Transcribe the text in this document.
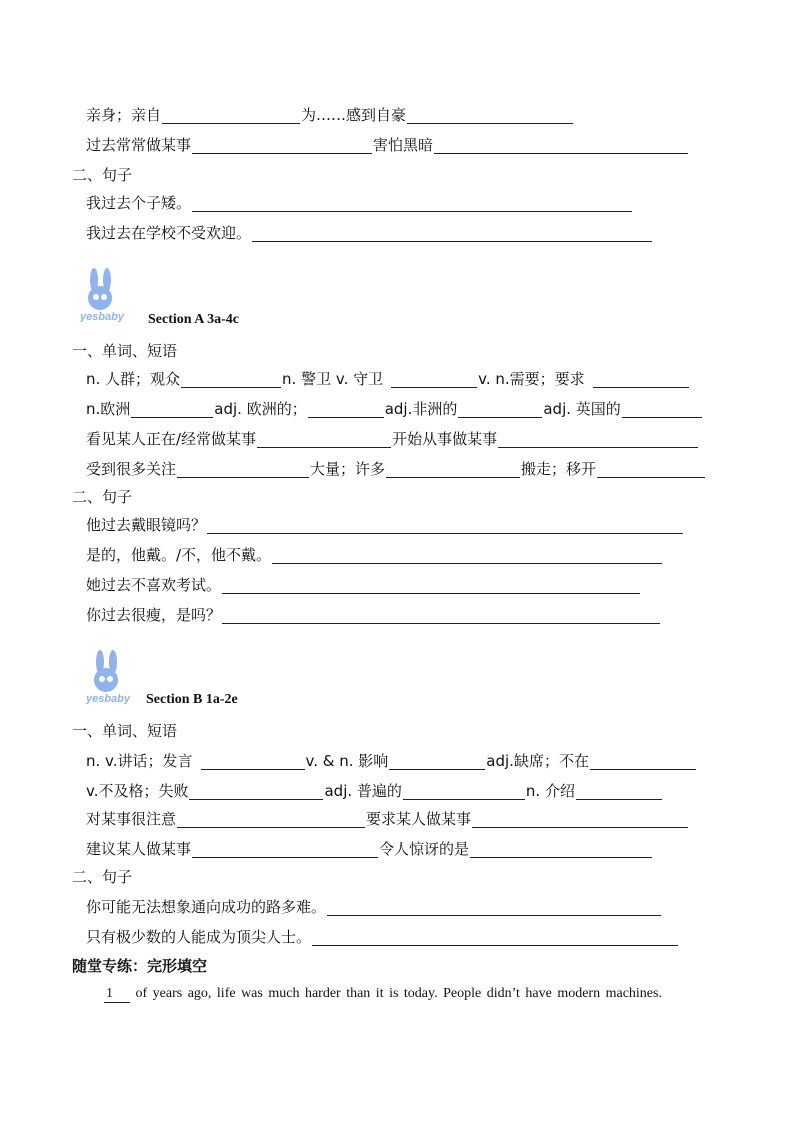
亲身；亲自	为……感到自豪
过去常常做某事	害怕黑暗
二、句子
我过去个子矮。
我过去在学校不受欢迎。
yesbaby Section A 3a-4c
一、单词、短语
n. 人群；观众	n. 警卫 v. 守卫	v. n.需要；要求
n.欧洲	adj. 欧洲的；	adj.非洲的	adj. 英国的
看见某人正在/经常做某事	开始从事做某事
受到很多关注	大量；许多	搬走；移开
二、句子
他过去戴眼镜吗？
是的，他戴。/不，他不戴。
她过去不喜欢考试。
你过去很瘦，是吗？
yesbaby Section B 1a-2e
一、单词、短语
n. v.讲话；发言	v. & n. 影响	adj.缺席；不在
v.不及格；失败	adj. 普遍的	n. 介绍
对某事很注意	要求某人做某事
建议某人做某事	令人惊讶的是
二、句子
你可能无法想象通向成功的路多难。
只有极少数的人能成为顶尖人士。
随堂专练：完形填空
1 of years ago, life was much harder than it is today. People didn’t have modern machines.
